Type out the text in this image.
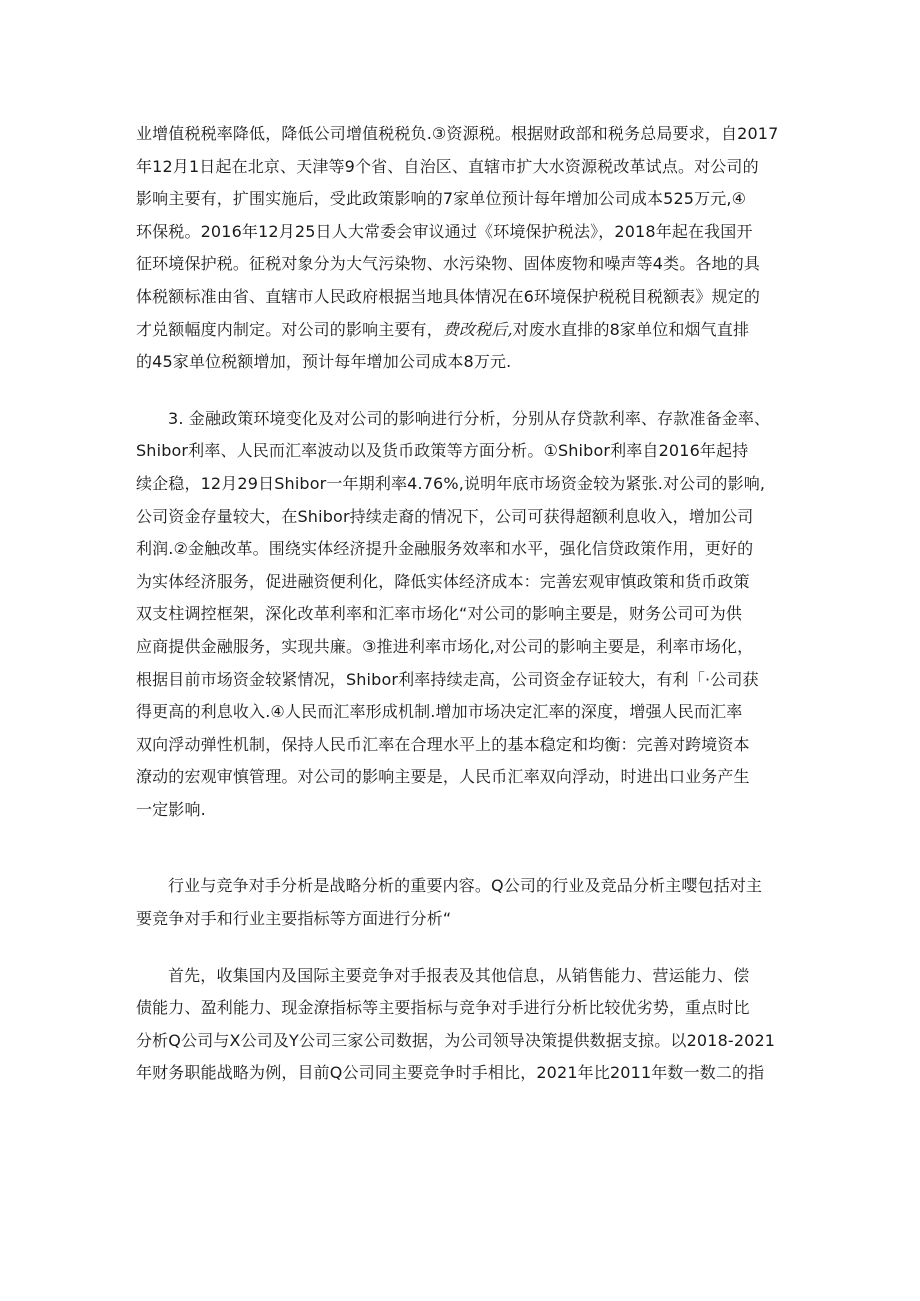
业增值税税率降低，降低公司增值税税负.③资源税。根据财政部和税务总局要求，自2017
年12月1日起在北京、天津等9个省、自治区、直辖市扩大水资源税改革试点。对公司的
影响主要有，扩围实施后，受此政策影响的7家单位预计每年增加公司成本525万元,④
环保税。2016年12月25日人大常委会审议通过《环境保护税法》，2018年起在我国开
征环境保护税。征税对象分为大气污染物、水污染物、固体废物和噪声等4类。各地的具
体税额标准由省、直辖市人民政府根据当地具体情况在6环境保护税税目税额表》规定的
才兑额幅度内制定。对公司的影响主要有，费改税后,对废水直排的8家单位和烟气直排
的45家单位税额增加，预计每年增加公司成本8万元.

3. 金融政策环境变化及对公司的影响进行分析，分别从存贷款利率、存款准备金率、
Shibor利率、人民而汇率波动以及货币政策等方面分析。①Shibor利率自2016年起持
续企稳，12月29日Shibor一年期利率4.76%,说明年底市场资金较为紧张.对公司的影响,
公司资金存量较大，在Shibor持续走裔的情况下，公司可获得超额利息收入，增加公司
利润.②金触改革。围绕实体经济提升金融服务效率和水平，强化信贷政策作用，更好的
为实体经济服务，促进融资便利化，降低实体经济成本：完善宏观审慎政策和货币政策
双支柱调控框架，深化改革利率和汇率市场化“对公司的影响主要是，财务公司可为供
应商提供金融服务，实现共廉。③推进利率市场化,对公司的影响主要是，利率市场化，
根据目前市场资金较紧情况，Shibor利率持续走高，公司资金存证较大，有利「·公司获
得更高的利息收入.④人民而汇率形成机制.增加市场决定汇率的深度，增强人民而汇率
双向浮动弹性机制，保持人民币汇率在合理水平上的基本稳定和均衡：完善对跨境资本
潦动的宏观审慎管理。对公司的影响主要是，人民币汇率双向浮动，时进出口业务产生
一定影响.

行业与竞争对手分析是战略分析的重要内容。Q公司的行业及竞品分析主嘤包括对主
要竞争对手和行业主要指标等方面进行分析“

首先，收集国内及国际主要竞争对手报表及其他信息，从销售能力、营运能力、偿
债能力、盈利能力、现金潦指标等主要指标与竞争对手进行分析比较优劣势，重点时比
分析Q公司与X公司及Y公司三家公司数据，为公司领导决策提供数据支掠。以2018-2021
年财务职能战略为例，目前Q公司同主要竞争时手相比，2021年比2011年数一数二的指
